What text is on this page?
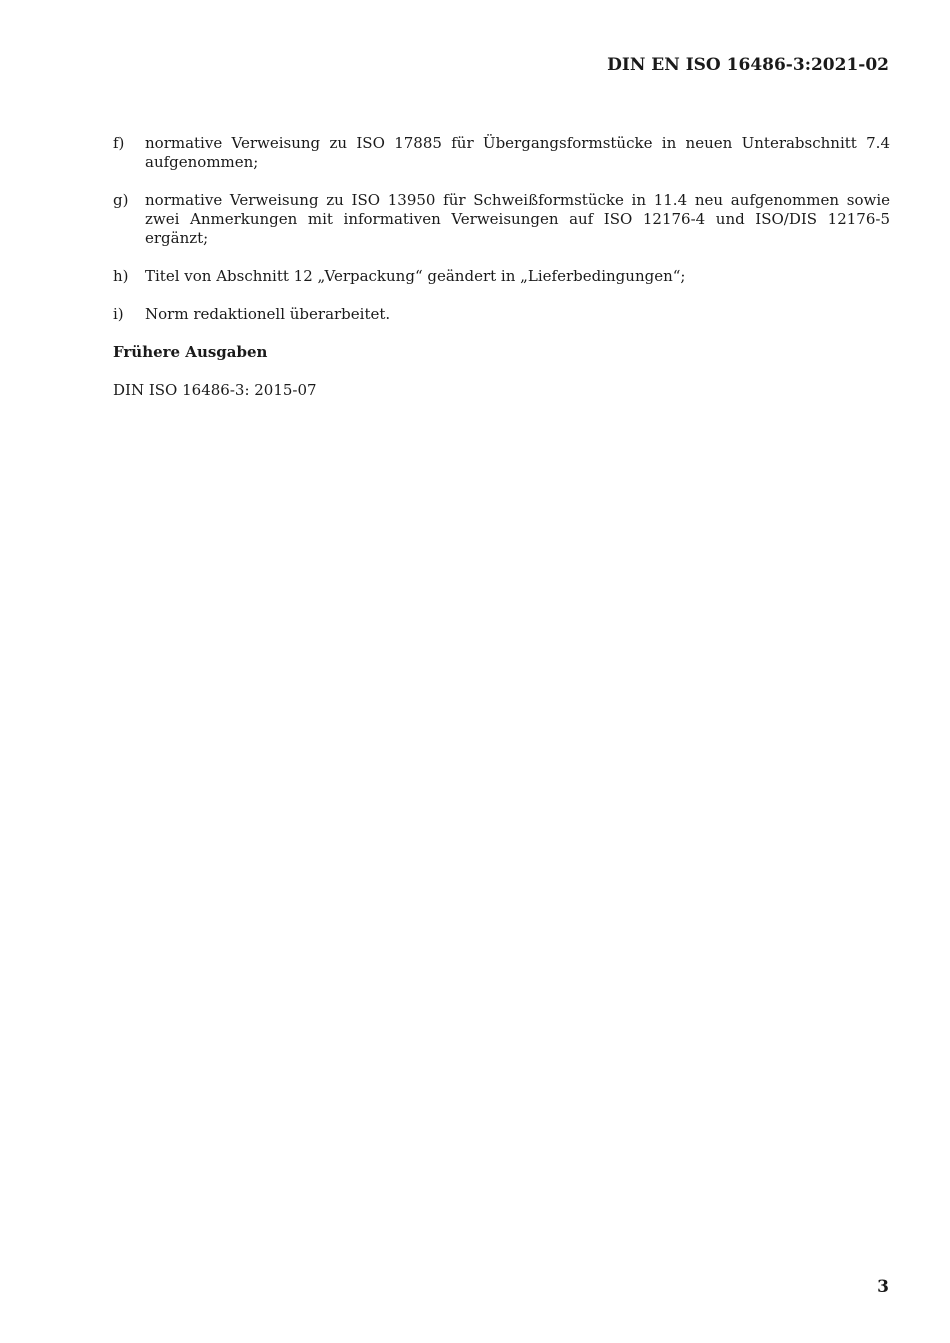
DIN EN ISO 16486-3:2021-02
f)	normative Verweisung zu ISO 17885 für Übergangsformstücke in neuen Unterabschnitt 7.4 aufgenommen;
g)	normative Verweisung zu ISO 13950 für Schweißformstücke in 11.4 neu aufgenommen sowie zwei Anmerkungen mit informativen Verweisungen auf ISO 12176-4 und ISO/DIS 12176-5 ergänzt;
h)	Titel von Abschnitt 12 „Verpackung“ geändert in „Lieferbedingungen“;
i)	Norm redaktionell überarbeitet.
Frühere Ausgaben

DIN ISO 16486-3: 2015-07

3
